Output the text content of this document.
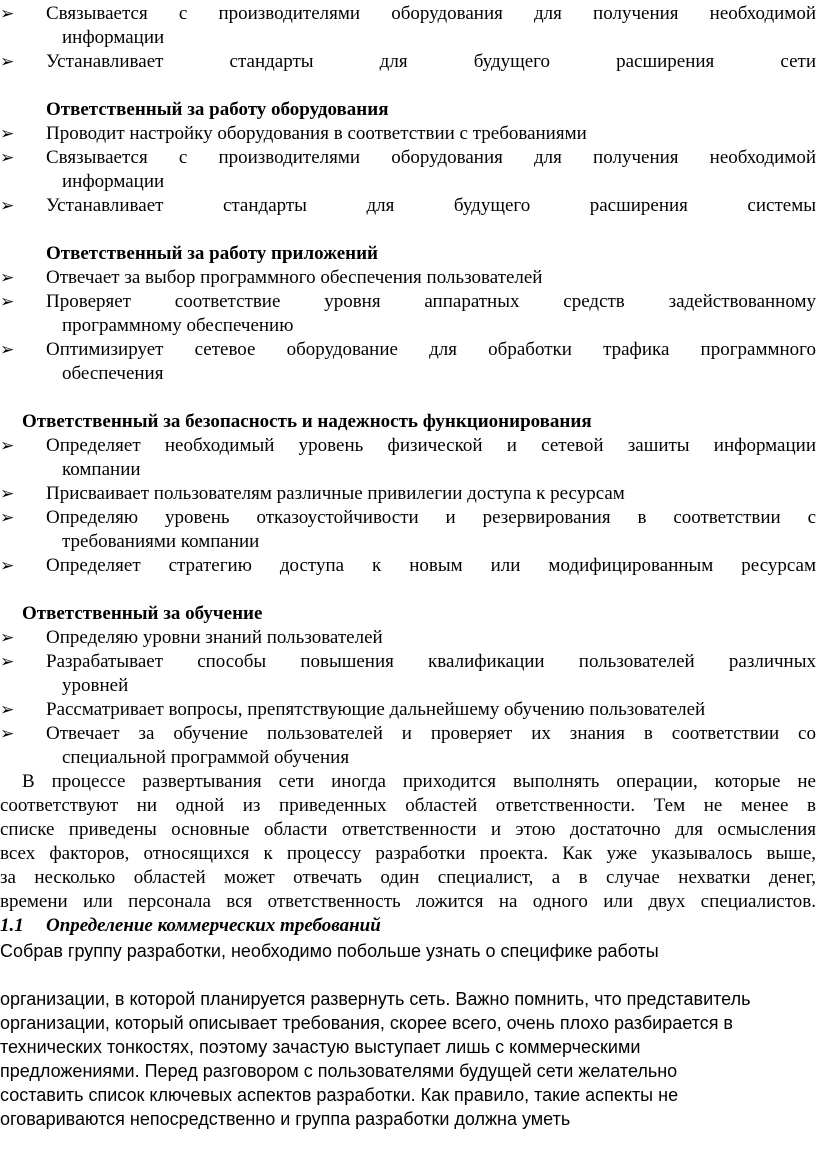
➢ Связывается с производителями оборудования для получения необходимой
информации
➢ Устанавливает стандарты для будущего расширения сети
Ответственный за работу оборудования
➢ Проводит настройку оборудования в соответствии с требованиями
➢ Связывается с производителями оборудования для получения необходимой
информации
➢ Устанавливает стандарты для будущего расширения системы
Ответственный за работу приложений
➢ Отвечает за выбор программного обеспечения пользователей
➢ Проверяет соответствие уровня аппаратных средств задействованному
программному обеспечению
➢ Оптимизирует сетевое оборудование для обработки трафика программного
обеспечения
Ответственный за безопасность и надежность функционирования
➢ Определяет необходимый уровень физической и сетевой зашиты информации
компании
➢ Присваивает пользователям различные привилегии доступа к ресурсам
➢ Определяю уровень отказоустойчивости и резервирования в соответствии с
требованиями компании
➢ Определяет стратегию доступа к новым или модифицированным ресурсам
Ответственный за обучение
➢ Определяю уровни знаний пользователей
➢ Разрабатывает способы повышения квалификации пользователей различных
уровней
➢ Рассматривает вопросы, препятствующие дальнейшему обучению пользователей
➢ Отвечает за обучение пользователей и проверяет их знания в соответствии со
специальной программой обучения
В процессе развертывания сети иногда приходится выполнять операции, которые не
соответствуют ни одной из приведенных областей ответственности. Тем не менее в
списке приведены основные области ответственности и этою достаточно для осмысления
всех факторов, относящихся к процессу разработки проекта. Как уже указывалось выше,
за несколько областей может отвечать один специалист, а в случае нехватки денег,
времени или персонала вся ответственность ложится на одного или двух специалистов.
1.1 Определение коммерческих требований
Собрав группу разработки, необходимо побольше узнать о специфике работы
организации, в которой планируется развернуть сеть. Важно помнить, что представитель
организации, который описывает требования, скорее всего, очень плохо разбирается в
технических тонкостях, поэтому зачастую выступает лишь с коммерческими
предложениями. Перед разговором с пользователями будущей сети желательно
составить список ключевых аспектов разработки. Как правило, такие аспекты не
оговариваются непосредственно и группа разработки должна уметь
